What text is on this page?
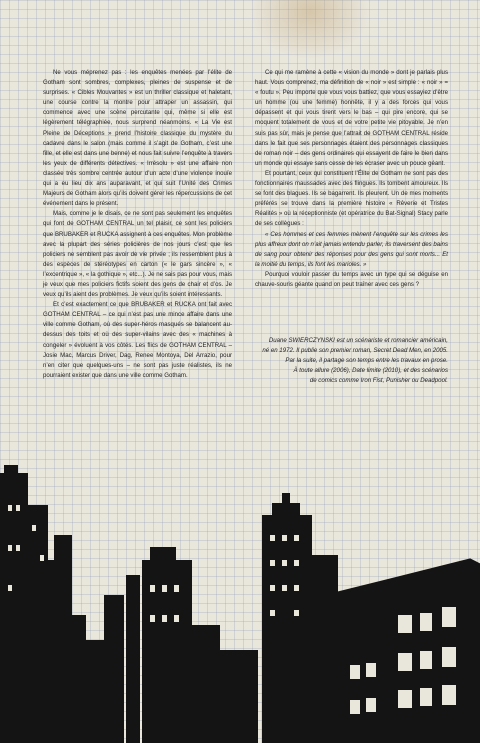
Ne vous méprenez pas : les enquêtes menées par l’élite de Gotham sont sombres, complexes, pleines de suspense et de surprises. « Cibles Mouvantes » est un thriller classique et haletant, une course contre la montre pour attraper un assassin, qui commence avec une scène percutante qui, même si elle est légèrement télégraphiée, nous surprend néanmoins. « La Vie est Pleine de Déceptions » prend l’histoire classique du mystère du cadavre dans le salon (mais comme il s’agit de Gotham, c’est une fille, et elle est dans une benne) et nous fait suivre l’enquête à travers les yeux de différents détectives. « Irrésolu » est une affaire non classée très sombre centrée autour d’un acte d’une violence inouïe qui a eu lieu dix ans auparavant, et qui suit l’Unité des Crimes Majeurs de Gotham alors qu’ils doivent gérer les répercussions de cet événement dans le présent.

Mais, comme je le disais, ce ne sont pas seulement les enquêtes qui font de GOTHAM CENTRAL un tel plaisir, ce sont les policiers que BRUBAKER et RUCKA assignent à ces enquêtes. Mon problème avec la plupart des séries policières de nos jours c’est que les policiers ne semblent pas avoir de vie privée ; ils ressemblent plus à des espèces de stéréotypes en carton (« le gars sincère », « l’excentrique », « la gothique », etc...). Je ne sais pas pour vous, mais je veux que mes policiers fictifs soient des gens de chair et d’os. Je veux qu’ils aient des problèmes. Je veux qu’ils soient intéressants.

Et c’est exactement ce que BRUBAKER et RUCKA ont fait avec GOTHAM CENTRAL – ce qui n’est pas une mince affaire dans une ville comme Gotham, où des super-héros masqués se balancent au-dessus des toits et où des super-vilains avec des « machines à congeler » évoluent à vos côtés. Les flics de GOTHAM CENTRAL – Josie Mac, Marcus Driver, Dag, Renee Montoya, Del Arrazio, pour n’en citer que quelques-uns – ne sont pas juste réalistes, ils ne pourraient exister que dans une ville comme Gotham.

Ce qui me ramène à cette « vision du monde » dont je parlais plus haut. Vous comprenez, ma définition de « noir » est simple : « noir » = « foutu ». Peu importe que vous vous battiez, que vous essayiez d’être un homme (ou une femme) honnête, il y a des forces qui vous dépassent et qui vous tirent vers le bas – qui pire encore, qui se moquent totalement de vous et de votre petite vie pitoyable. Je n’en suis pas sûr, mais je pense que l’attrait de GOTHAM CENTRAL réside dans le fait que ses personnages étaient des personnages classiques de roman noir – des gens ordinaires qui essayent de faire le bien dans un monde qui essaye sans cesse de les écraser avec un pouce géant.

Et pourtant, ceux qui constituent l’Élite de Gotham ne sont pas des fonctionnaires maussades avec des flingues. Ils tombent amoureux. Ils se font des blagues. Ils se bagarrent. Ils pleurent. Un de mes moments préférés se trouve dans la première histoire « Rêverie et Tristes Réalités » où la réceptionniste (et opératrice du Bat-Signal) Stacy parle de ses collègues :

« Ces hommes et ces femmes mènent l’enquête sur les crimes les plus affreux dont on n’ait jamais entendu parler, ils traversent des bains de sang pour obtenir des réponses pour des gens qui sont morts... Et la moitié du temps, ils font les marioles. »

Pourquoi vouloir passer du temps avec un type qui se déguise en chauve-souris géante quand on peut traîner avec ces gens ?

Duane SWIERCZYNSKI est un scénariste et romancier américain,
né en 1972. Il publie son premier roman, Secret Dead Men, en 2005.
Par la suite, il partage son temps entre les travaux en prose.
À toute allure (2006), Date limite (2010), et des scénarios
de comics comme Iron Fist, Punisher ou Deadpool.
